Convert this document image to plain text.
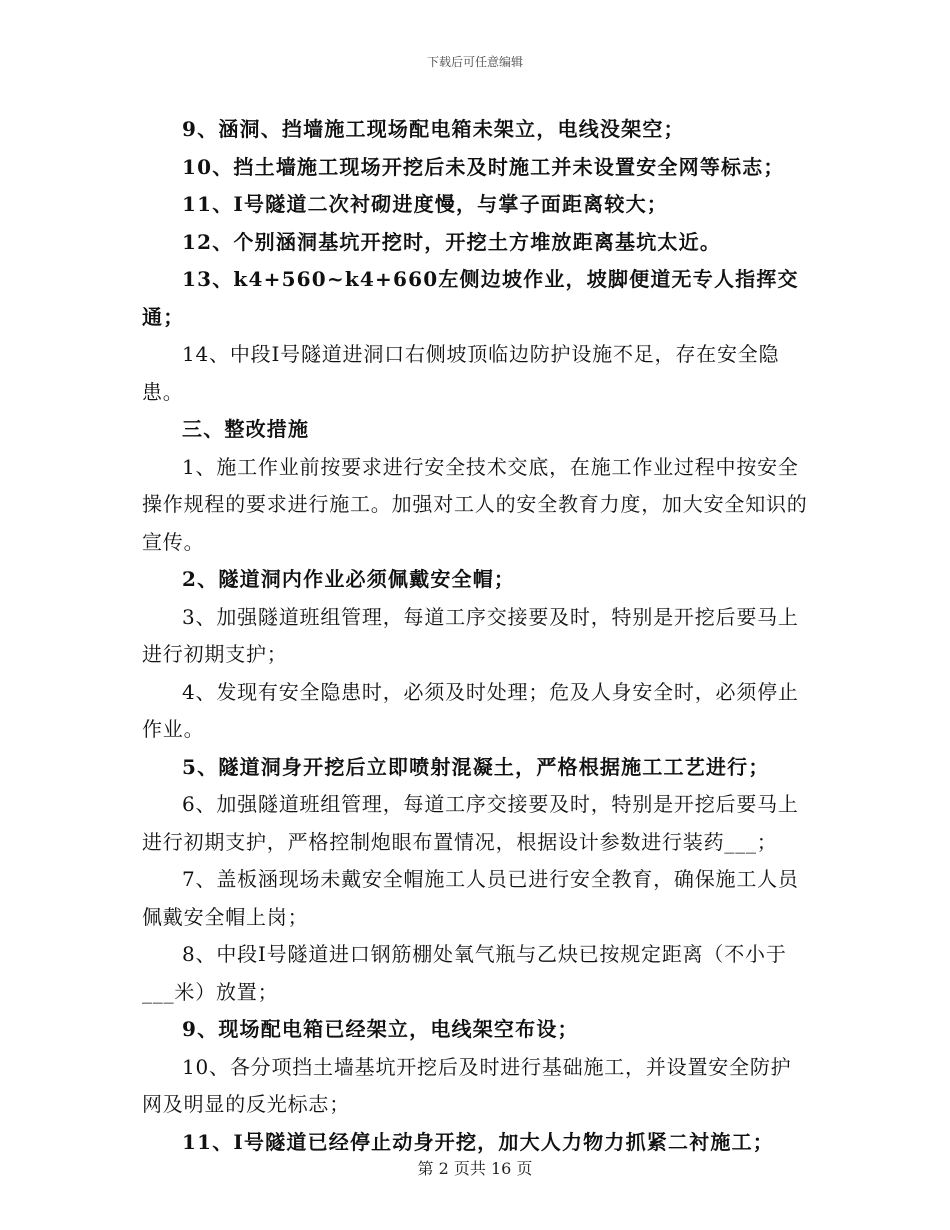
下载后可任意编辑

9、涵洞、挡墙施工现场配电箱未架立，电线没架空；

10、挡土墙施工现场开挖后未及时施工并未设置安全网等标志；

11、Ⅰ号隧道二次衬砌进度慢，与掌子面距离较大；

12、个别涵洞基坑开挖时，开挖土方堆放距离基坑太近。

13、k4+560~k4+660左侧边坡作业，坡脚便道无专人指挥交通；

14、中段Ⅰ号隧道进洞口右侧坡顶临边防护设施不足，存在安全隐患。

三、整改措施

1、施工作业前按要求进行安全技术交底，在施工作业过程中按安全操作规程的要求进行施工。加强对工人的安全教育力度，加大安全知识的宣传。

2、隧道洞内作业必须佩戴安全帽；

3、加强隧道班组管理，每道工序交接要及时，特别是开挖后要马上进行初期支护；

4、发现有安全隐患时，必须及时处理；危及人身安全时，必须停止作业。

5、隧道洞身开挖后立即喷射混凝土，严格根据施工工艺进行；

6、加强隧道班组管理，每道工序交接要及时，特别是开挖后要马上进行初期支护，严格控制炮眼布置情况，根据设计参数进行装药___；

7、盖板涵现场未戴安全帽施工人员已进行安全教育，确保施工人员佩戴安全帽上岗；

8、中段Ⅰ号隧道进口钢筋棚处氧气瓶与乙炔已按规定距离（不小于___米）放置；

9、现场配电箱已经架立，电线架空布设；

10、各分项挡土墙基坑开挖后及时进行基础施工，并设置安全防护网及明显的反光标志；

11、Ⅰ号隧道已经停止动身开挖，加大人力物力抓紧二衬施工；

第 2 页共 16 页
